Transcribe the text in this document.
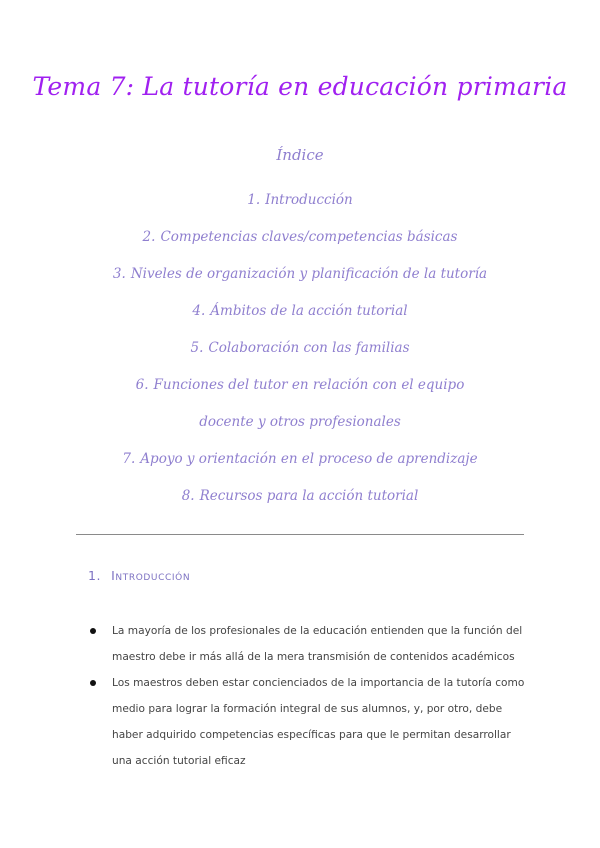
Tema 7: La tutoría en educación primaria
Índice
1. Introducción
2. Competencias claves/competencias básicas
3. Niveles de organización y planificación de la tutoría
4. Ámbitos de la acción tutorial
5. Colaboración con las familias
6. Funciones del tutor en relación con el equipo docente y otros profesionales
7. Apoyo y orientación en el proceso de aprendizaje
8. Recursos para la acción tutorial
1. Introducción
La mayoría de los profesionales de la educación entienden que la función del maestro debe ir más allá de la mera transmisión de contenidos académicos
Los maestros deben estar concienciados de la importancia de la tutoría como medio para lograr la formación integral de sus alumnos, y, por otro, debe haber adquirido competencias específicas para que le permitan desarrollar una acción tutorial eficaz
